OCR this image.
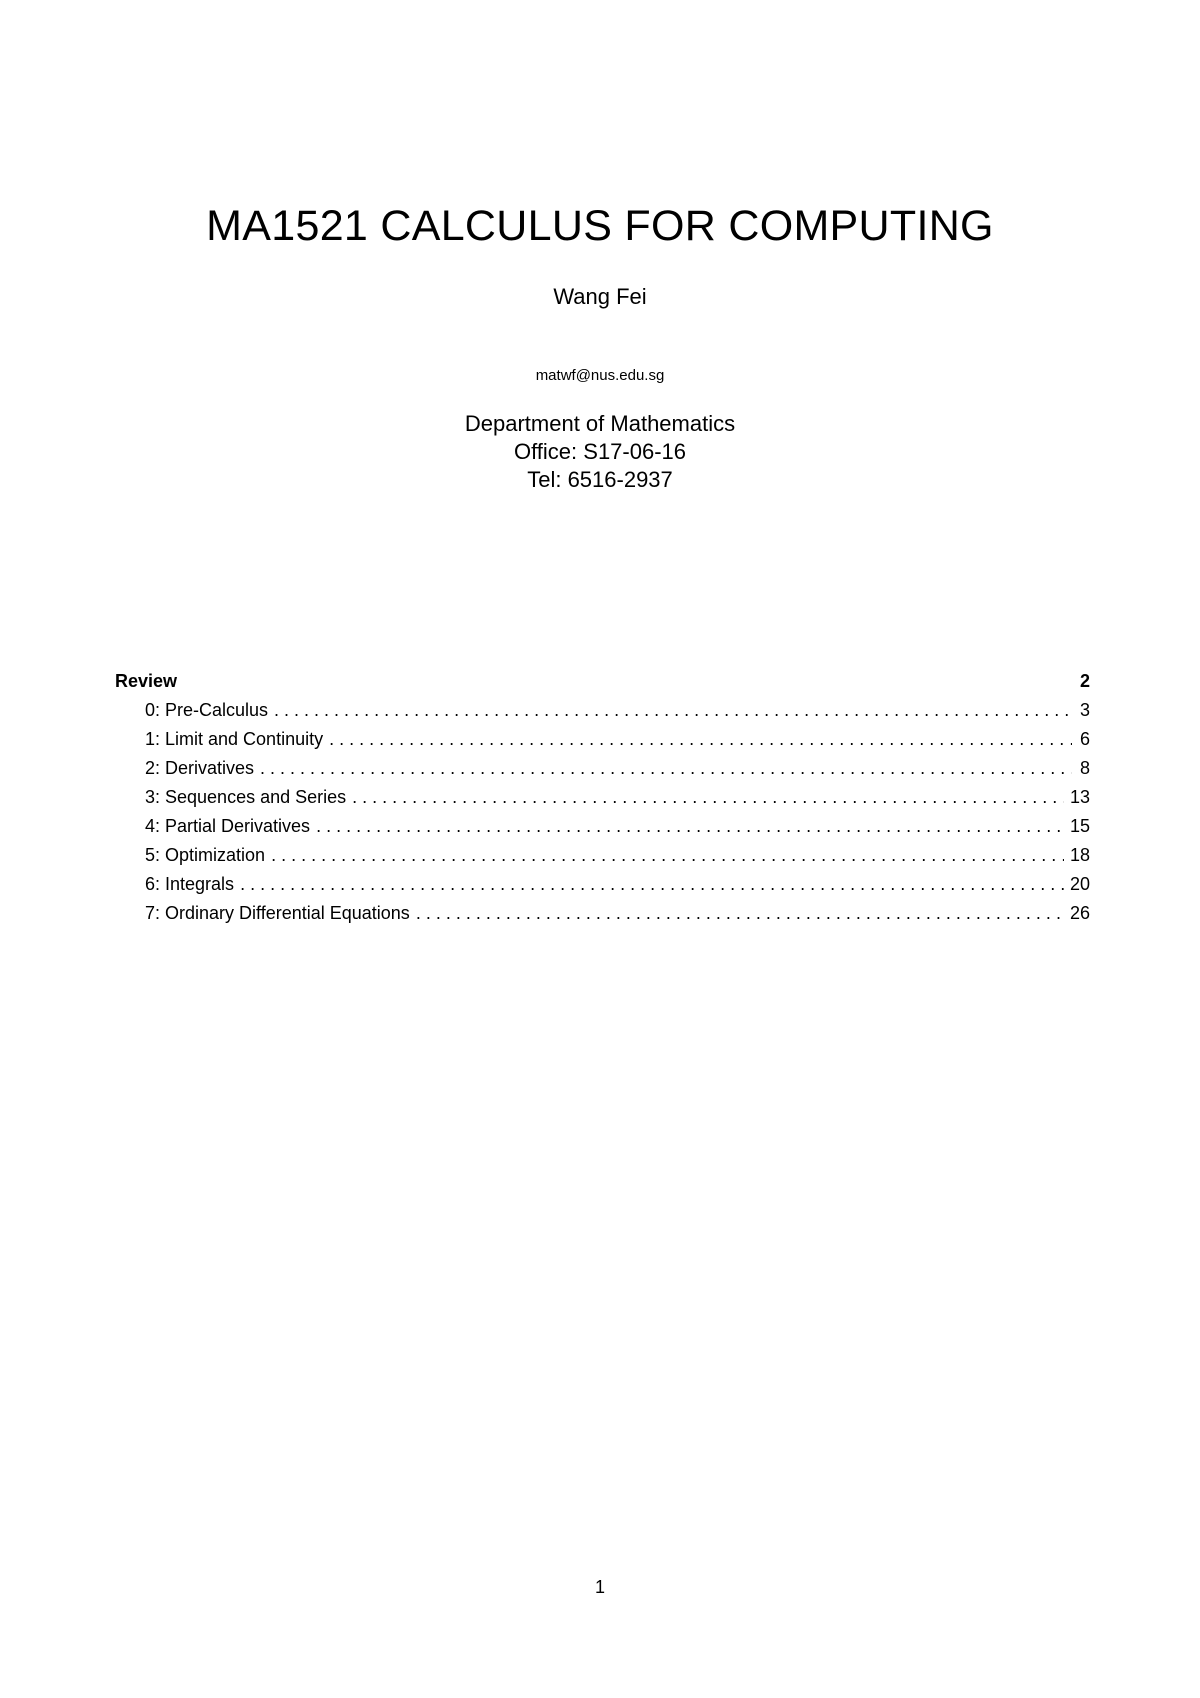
MA1521 CALCULUS FOR COMPUTING
Wang Fei
matwf@nus.edu.sg
Department of Mathematics
Office: S17-06-16
Tel: 6516-2937
Review	2
0: Pre-Calculus . . .	3
1: Limit and Continuity . . .	6
2: Derivatives . . .	8
3: Sequences and Series . . .	13
4: Partial Derivatives . . .	15
5: Optimization . . .	18
6: Integrals . . .	20
7: Ordinary Differential Equations . . .	26
1
